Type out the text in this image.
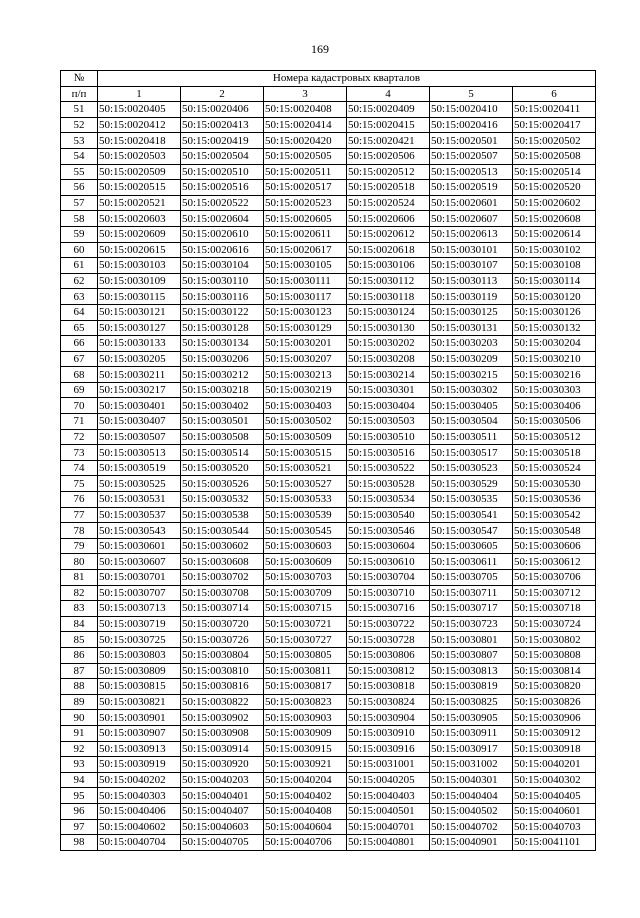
169
№	Номера кадастровых кварталов					
п/п	1	2	3	4	5	6
51	50:15:0020405	50:15:0020406	50:15:0020408	50:15:0020409	50:15:0020410	50:15:0020411
52	50:15:0020412	50:15:0020413	50:15:0020414	50:15:0020415	50:15:0020416	50:15:0020417
53	50:15:0020418	50:15:0020419	50:15:0020420	50:15:0020421	50:15:0020501	50:15:0020502
54	50:15:0020503	50:15:0020504	50:15:0020505	50:15:0020506	50:15:0020507	50:15:0020508
55	50:15:0020509	50:15:0020510	50:15:0020511	50:15:0020512	50:15:0020513	50:15:0020514
56	50:15:0020515	50:15:0020516	50:15:0020517	50:15:0020518	50:15:0020519	50:15:0020520
57	50:15:0020521	50:15:0020522	50:15:0020523	50:15:0020524	50:15:0020601	50:15:0020602
58	50:15:0020603	50:15:0020604	50:15:0020605	50:15:0020606	50:15:0020607	50:15:0020608
59	50:15:0020609	50:15:0020610	50:15:0020611	50:15:0020612	50:15:0020613	50:15:0020614
60	50:15:0020615	50:15:0020616	50:15:0020617	50:15:0020618	50:15:0030101	50:15:0030102
61	50:15:0030103	50:15:0030104	50:15:0030105	50:15:0030106	50:15:0030107	50:15:0030108
62	50:15:0030109	50:15:0030110	50:15:0030111	50:15:0030112	50:15:0030113	50:15:0030114
63	50:15:0030115	50:15:0030116	50:15:0030117	50:15:0030118	50:15:0030119	50:15:0030120
64	50:15:0030121	50:15:0030122	50:15:0030123	50:15:0030124	50:15:0030125	50:15:0030126
65	50:15:0030127	50:15:0030128	50:15:0030129	50:15:0030130	50:15:0030131	50:15:0030132
66	50:15:0030133	50:15:0030134	50:15:0030201	50:15:0030202	50:15:0030203	50:15:0030204
67	50:15:0030205	50:15:0030206	50:15:0030207	50:15:0030208	50:15:0030209	50:15:0030210
68	50:15:0030211	50:15:0030212	50:15:0030213	50:15:0030214	50:15:0030215	50:15:0030216
69	50:15:0030217	50:15:0030218	50:15:0030219	50:15:0030301	50:15:0030302	50:15:0030303
70	50:15:0030401	50:15:0030402	50:15:0030403	50:15:0030404	50:15:0030405	50:15:0030406
71	50:15:0030407	50:15:0030501	50:15:0030502	50:15:0030503	50:15:0030504	50:15:0030506
72	50:15:0030507	50:15:0030508	50:15:0030509	50:15:0030510	50:15:0030511	50:15:0030512
73	50:15:0030513	50:15:0030514	50:15:0030515	50:15:0030516	50:15:0030517	50:15:0030518
74	50:15:0030519	50:15:0030520	50:15:0030521	50:15:0030522	50:15:0030523	50:15:0030524
75	50:15:0030525	50:15:0030526	50:15:0030527	50:15:0030528	50:15:0030529	50:15:0030530
76	50:15:0030531	50:15:0030532	50:15:0030533	50:15:0030534	50:15:0030535	50:15:0030536
77	50:15:0030537	50:15:0030538	50:15:0030539	50:15:0030540	50:15:0030541	50:15:0030542
78	50:15:0030543	50:15:0030544	50:15:0030545	50:15:0030546	50:15:0030547	50:15:0030548
79	50:15:0030601	50:15:0030602	50:15:0030603	50:15:0030604	50:15:0030605	50:15:0030606
80	50:15:0030607	50:15:0030608	50:15:0030609	50:15:0030610	50:15:0030611	50:15:0030612
81	50:15:0030701	50:15:0030702	50:15:0030703	50:15:0030704	50:15:0030705	50:15:0030706
82	50:15:0030707	50:15:0030708	50:15:0030709	50:15:0030710	50:15:0030711	50:15:0030712
83	50:15:0030713	50:15:0030714	50:15:0030715	50:15:0030716	50:15:0030717	50:15:0030718
84	50:15:0030719	50:15:0030720	50:15:0030721	50:15:0030722	50:15:0030723	50:15:0030724
85	50:15:0030725	50:15:0030726	50:15:0030727	50:15:0030728	50:15:0030801	50:15:0030802
86	50:15:0030803	50:15:0030804	50:15:0030805	50:15:0030806	50:15:0030807	50:15:0030808
87	50:15:0030809	50:15:0030810	50:15:0030811	50:15:0030812	50:15:0030813	50:15:0030814
88	50:15:0030815	50:15:0030816	50:15:0030817	50:15:0030818	50:15:0030819	50:15:0030820
89	50:15:0030821	50:15:0030822	50:15:0030823	50:15:0030824	50:15:0030825	50:15:0030826
90	50:15:0030901	50:15:0030902	50:15:0030903	50:15:0030904	50:15:0030905	50:15:0030906
91	50:15:0030907	50:15:0030908	50:15:0030909	50:15:0030910	50:15:0030911	50:15:0030912
92	50:15:0030913	50:15:0030914	50:15:0030915	50:15:0030916	50:15:0030917	50:15:0030918
93	50:15:0030919	50:15:0030920	50:15:0030921	50:15:0031001	50:15:0031002	50:15:0040201
94	50:15:0040202	50:15:0040203	50:15:0040204	50:15:0040205	50:15:0040301	50:15:0040302
95	50:15:0040303	50:15:0040401	50:15:0040402	50:15:0040403	50:15:0040404	50:15:0040405
96	50:15:0040406	50:15:0040407	50:15:0040408	50:15:0040501	50:15:0040502	50:15:0040601
97	50:15:0040602	50:15:0040603	50:15:0040604	50:15:0040701	50:15:0040702	50:15:0040703
98	50:15:0040704	50:15:0040705	50:15:0040706	50:15:0040801	50:15:0040901	50:15:0041101
